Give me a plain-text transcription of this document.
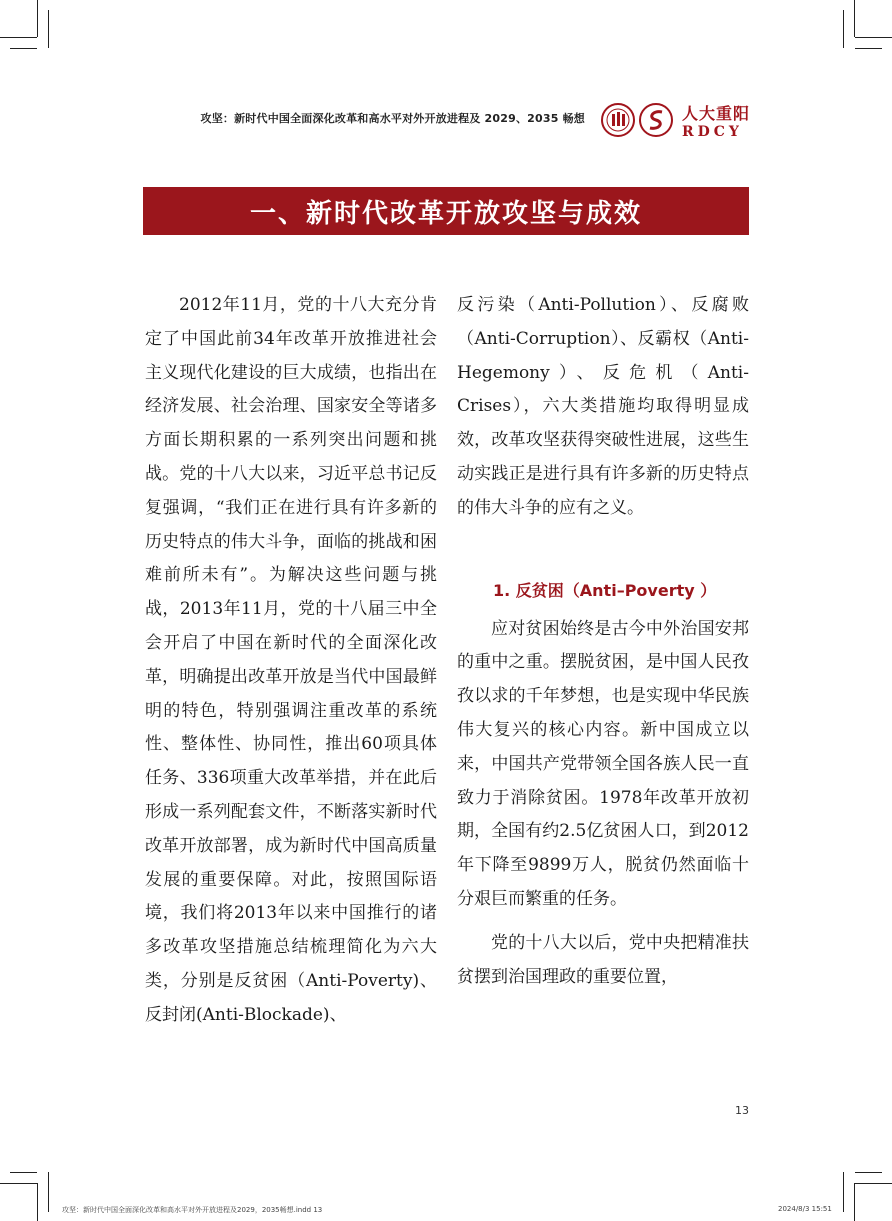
攻坚：新时代中国全面深化改革和高水平对外开放进程及 2029、2035 畅想	人大重阳
RDCY
一、新时代改革开放攻坚与成效

2012年11月，党的十八大充分肯定了中国此前34年改革开放推进社会主义现代化建设的巨大成绩，也指出在经济发展、社会治理、国家安全等诸多方面长期积累的一系列突出问题和挑战。党的十八大以来，习近平总书记反复强调，“我们正在进行具有许多新的历史特点的伟大斗争，面临的挑战和困难前所未有”。为解决这些问题与挑战，2013年11月，党的十八届三中全会开启了中国在新时代的全面深化改革，明确提出改革开放是当代中国最鲜明的特色，特别强调注重改革的系统性、整体性、协同性，推出60项具体任务、336项重大改革举措，并在此后形成一系列配套文件，不断落实新时代改革开放部署，成为新时代中国高质量发展的重要保障。对此，按照国际语境，我们将2013年以来中国推行的诸多改革攻坚措施总结梳理简化为六大类，分别是反贫困（Anti-Poverty)、反封闭(Anti-Blockade)、

反污染（Anti-Pollution）、反腐败（Anti-Corruption）、反霸权（Anti-Hegemony）、反危机（Anti-Crises），六大类措施均取得明显成效，改革攻坚获得突破性进展，这些生动实践正是进行具有许多新的历史特点的伟大斗争的应有之义。

1. 反贫困（Anti–Poverty ）

应对贫困始终是古今中外治国安邦的重中之重。摆脱贫困，是中国人民孜孜以求的千年梦想，也是实现中华民族伟大复兴的核心内容。新中国成立以来，中国共产党带领全国各族人民一直致力于消除贫困。1978年改革开放初期，全国有约2.5亿贫困人口，到2012年下降至9899万人，脱贫仍然面临十分艰巨而繁重的任务。

党的十八大以后，党中央把精准扶贫摆到治国理政的重要位置，

13
攻坚：新时代中国全面深化改革和高水平对外开放进程及2029，2035畅想.indd 13	2024/8/3 15:51
